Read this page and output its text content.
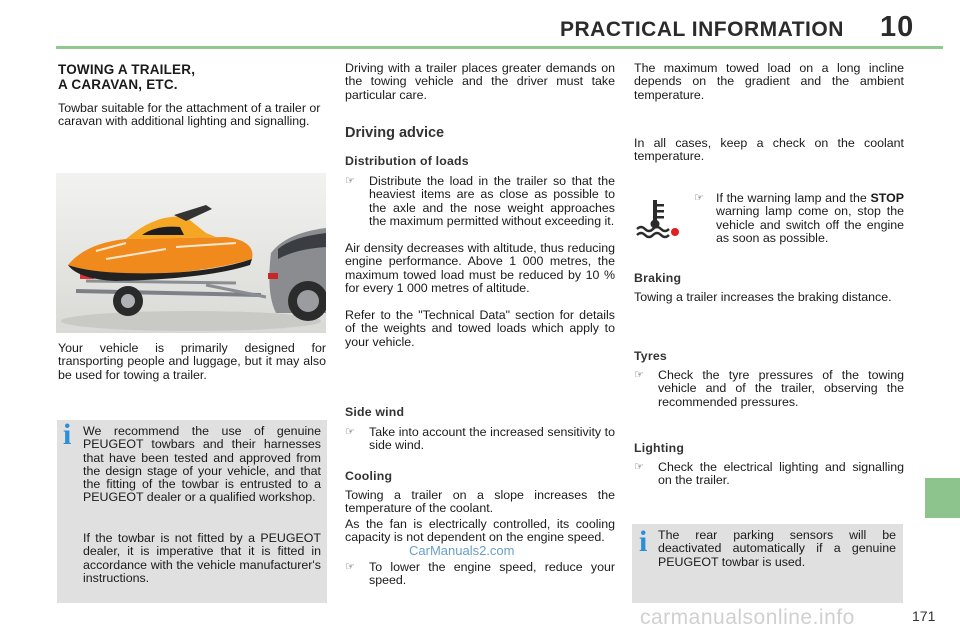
PRACTICAL INFORMATION 10
TOWING A TRAILER,
A CARAVAN, ETC.

Towbar suitable for the attachment of a trailer or caravan with additional lighting and signalling.

Your vehicle is primarily designed for transporting people and luggage, but it may also be used for towing a trailer.

i We recommend the use of genuine PEUGEOT towbars and their harnesses that have been tested and approved from the design stage of your vehicle, and that the fitting of the towbar is entrusted to a PEUGEOT dealer or a qualified workshop.

If the towbar is not fitted by a PEUGEOT dealer, it is imperative that it is fitted in accordance with the vehicle manufacturer's instructions.

Driving with a trailer places greater demands on the towing vehicle and the driver must take particular care.

Driving advice
Distribution of loads
☞ Distribute the load in the trailer so that the heaviest items are as close as possible to the axle and the nose weight approaches the maximum permitted without exceeding it.

Air density decreases with altitude, thus reducing engine performance. Above 1 000 metres, the maximum towed load must be reduced by 10 % for every 1 000 metres of altitude.

Refer to the "Technical Data" section for details of the weights and towed loads which apply to your vehicle.

Side wind
☞ Take into account the increased sensitivity to side wind.

Cooling

Towing a trailer on a slope increases the temperature of the coolant.

As the fan is electrically controlled, its cooling capacity is not dependent on the engine speed.

☞ To lower the engine speed, reduce your speed.

CarManuals2.com

The maximum towed load on a long incline depends on the gradient and the ambient temperature.

In all cases, keep a check on the coolant temperature.

☞ If the warning lamp and the STOP warning lamp come on, stop the vehicle and switch off the engine as soon as possible.

Braking

Towing a trailer increases the braking distance.

Tyres
☞ Check the tyre pressures of the towing vehicle and of the trailer, observing the recommended pressures.

Lighting
☞ Check the electrical lighting and signalling on the trailer.

i The rear parking sensors will be deactivated automatically if a genuine PEUGEOT towbar is used.

171
carmanualsonline.info
